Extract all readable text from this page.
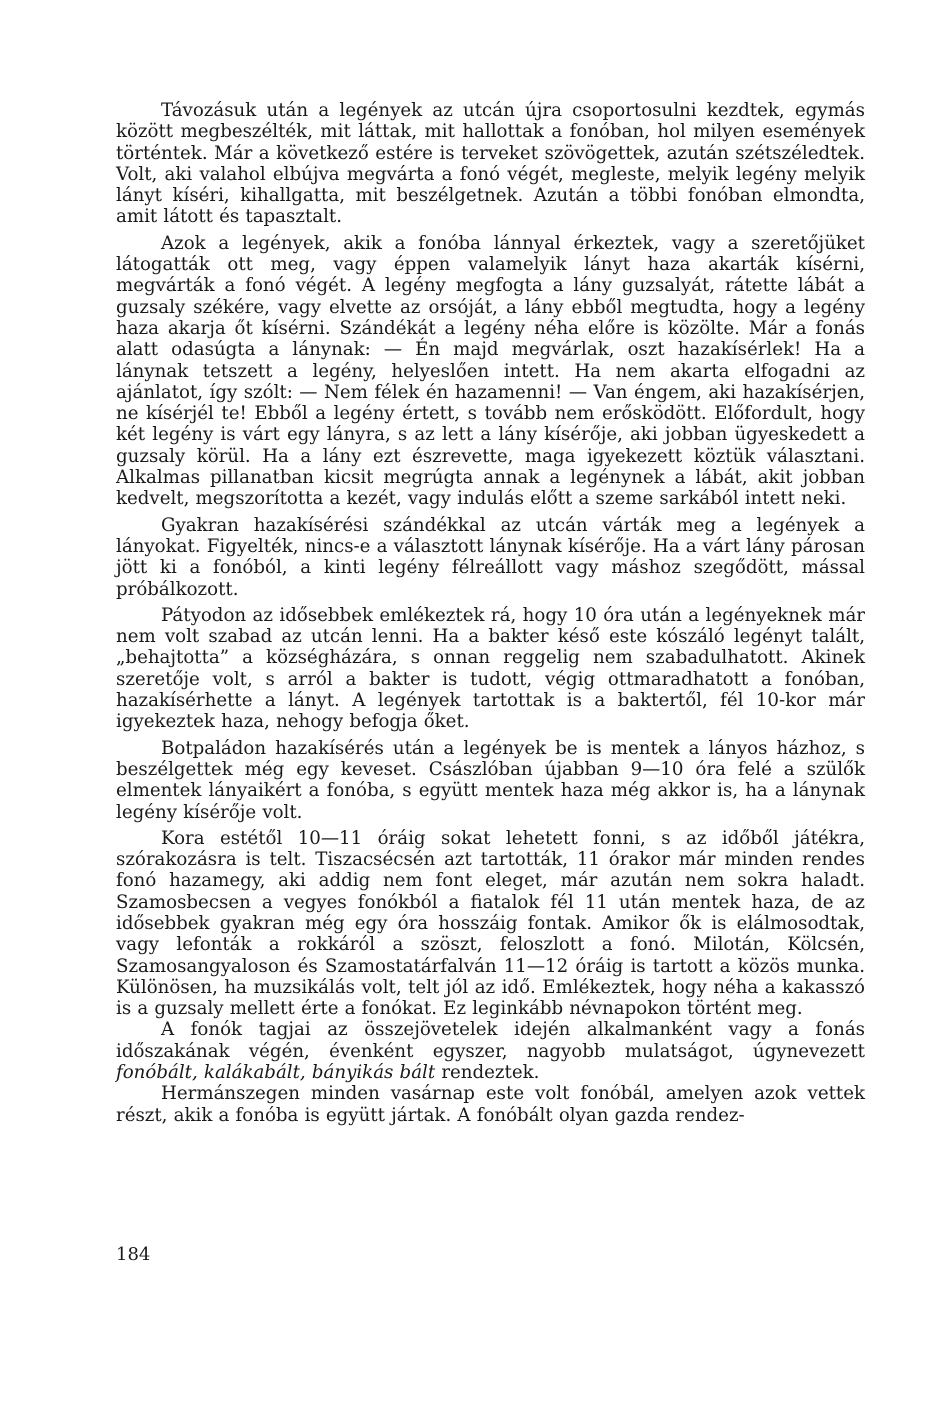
Távozásuk után a legények az utcán újra csoportosulni kezdtek, egymás között megbeszélték, mit láttak, mit hallottak a fonóban, hol milyen események történtek. Már a következő estére is terveket szövögettek, azután szétszéledtek. Volt, aki valahol elbújva megvárta a fonó végét, megleste, melyik legény melyik lányt kíséri, kihallgatta, mit beszélgetnek. Azután a többi fonóban elmondta, amit látott és tapasztalt.

Azok a legények, akik a fonóba lánnyal érkeztek, vagy a szeretőjüket látogatták ott meg, vagy éppen valamelyik lányt haza akarták kísérni, megvárták a fonó végét. A legény megfogta a lány guzsalyát, rátette lábát a guzsaly székére, vagy elvette az orsóját, a lány ebből megtudta, hogy a legény haza akarja őt kísérni. Szándékát a legény néha előre is közölte. Már a fonás alatt odasúgta a lánynak: — Én majd megvárlak, oszt hazakísérlek! Ha a lánynak tetszett a legény, helyeslően intett. Ha nem akarta elfogadni az ajánlatot, így szólt: — Nem félek én hazamenni! — Van éngem, aki hazakísérjen, ne kísérjél te! Ebből a legény értett, s tovább nem erősködött. Előfordult, hogy két legény is várt egy lányra, s az lett a lány kísérője, aki jobban ügyeskedett a guzsaly körül. Ha a lány ezt észrevette, maga igyekezett köztük választani. Alkalmas pillanatban kicsit megrúgta annak a legénynek a lábát, akit jobban kedvelt, megszorította a kezét, vagy indulás előtt a szeme sarkából intett neki.

Gyakran hazakísérési szándékkal az utcán várták meg a legények a lányokat. Figyelték, nincs-e a választott lánynak kísérője. Ha a várt lány párosan jött ki a fonóból, a kinti legény félreállott vagy máshoz szegődött, mással próbálkozott.

Pátyodon az idősebbek emlékeztek rá, hogy 10 óra után a legényeknek már nem volt szabad az utcán lenni. Ha a bakter késő este kószáló legényt talált, „behajtotta” a községházára, s onnan reggelig nem szabadulhatott. Akinek szeretője volt, s arról a bakter is tudott, végig ottmaradhatott a fonóban, hazakísérhette a lányt. A legények tartottak is a baktertől, fél 10-kor már igyekeztek haza, nehogy befogja őket.

Botpaládon hazakísérés után a legények be is mentek a lányos házhoz, s beszélgettek még egy keveset. Császlóban újabban 9—10 óra felé a szülők elmentek lányaikért a fonóba, s együtt mentek haza még akkor is, ha a lánynak legény kísérője volt.

Kora estétől 10—11 óráig sokat lehetett fonni, s az időből játékra, szórakozásra is telt. Tiszacsécsén azt tartották, 11 órakor már minden rendes fonó hazamegy, aki addig nem font eleget, már azután nem sokra haladt. Szamosbecsen a vegyes fonókból a fiatalok fél 11 után mentek haza, de az idősebbek gyakran még egy óra hosszáig fontak. Amikor ők is elálmosodtak, vagy lefonták a rokkáról a szöszt, feloszlott a fonó. Milotán, Kölcsén, Szamosangyaloson és Szamostatárfalván 11—12 óráig is tartott a közös munka. Különösen, ha muzsikálás volt, telt jól az idő. Emlékeztek, hogy néha a kakasszó is a guzsaly mellett érte a fonókat. Ez leginkább névnapokon történt meg.

A fonók tagjai az összejövetelek idején alkalmanként vagy a fonás időszakának végén, évenként egyszer, nagyobb mulatságot, úgynevezett fonóbált, kalákabált, bányikás bált rendeztek.

Hermánszegen minden vasárnap este volt fonóbál, amelyen azok vettek részt, akik a fonóba is együtt jártak. A fonóbált olyan gazda rendez-

184
